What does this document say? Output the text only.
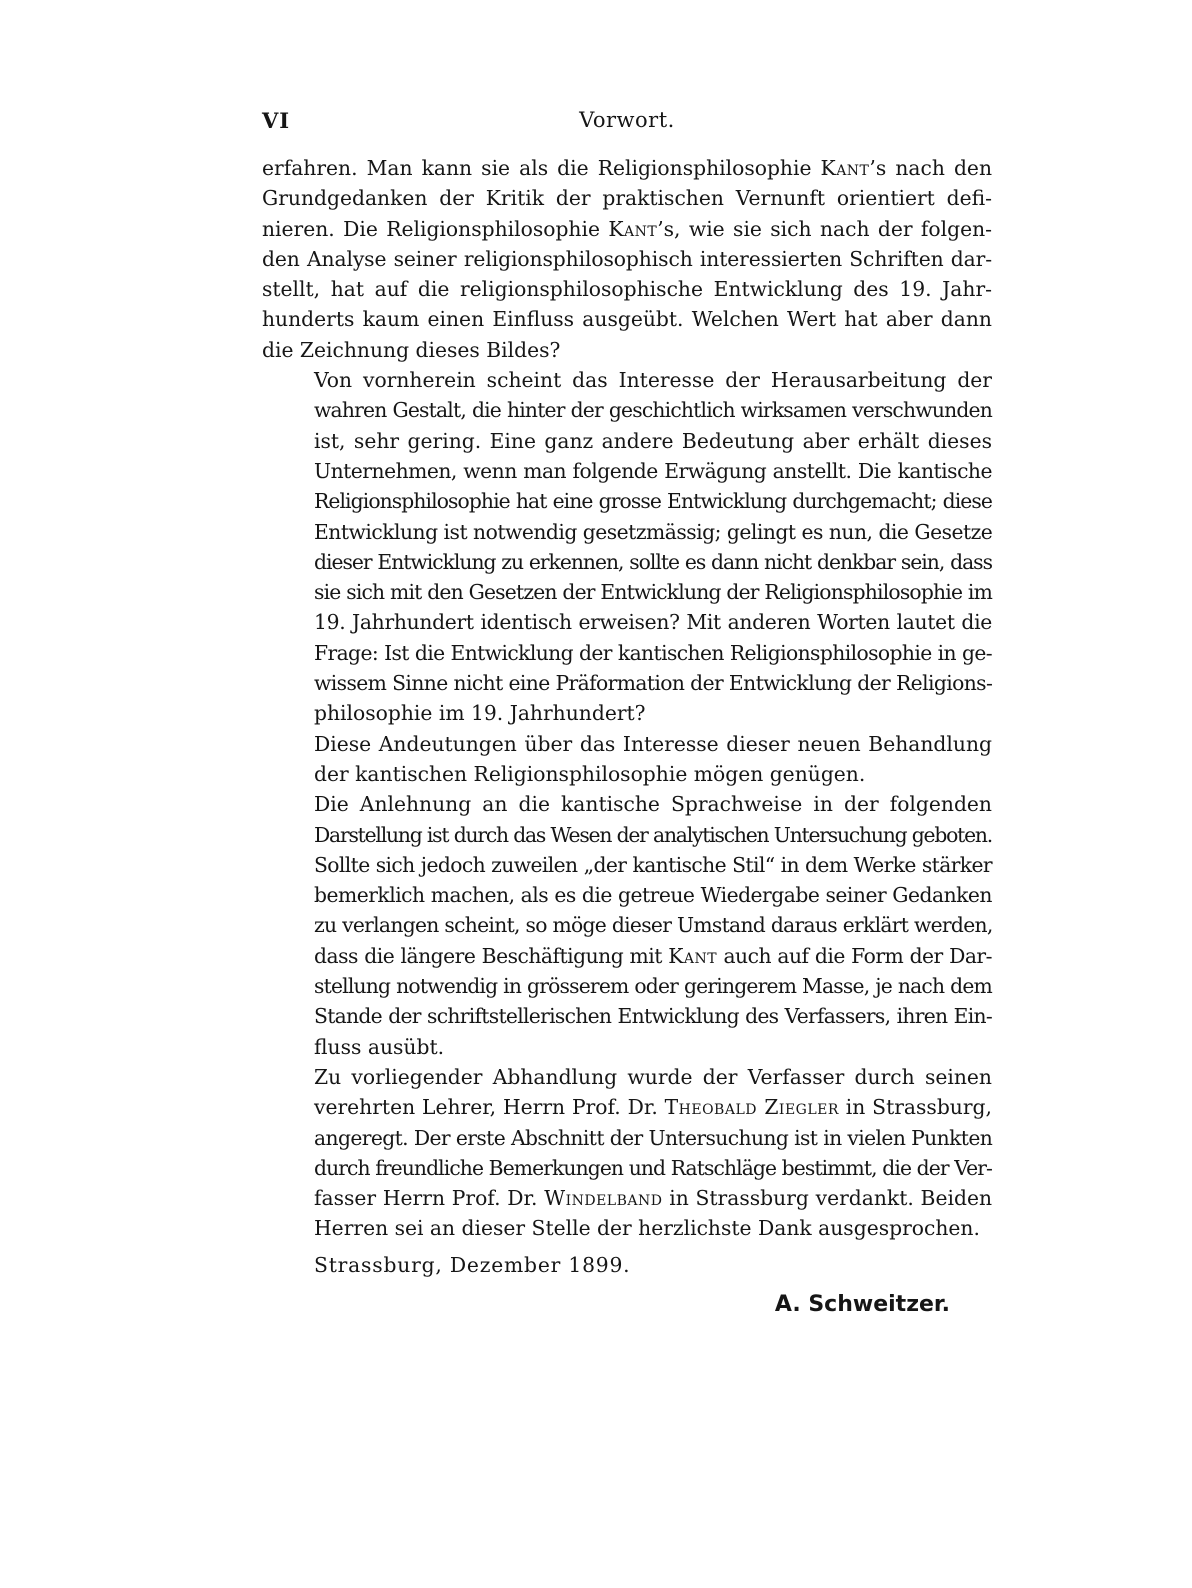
VI	Vorwort.
erfahren. Man kann sie als die Religionsphilosophie Kant’s nach den
Grundgedanken der Kritik der praktischen Vernunft orientiert defi-
nieren. Die Religionsphilosophie Kant’s, wie sie sich nach der folgen-
den Analyse seiner religionsphilosophisch interessierten Schriften dar-
stellt, hat auf die religionsphilosophische Entwicklung des 19. Jahr-
hunderts kaum einen Einfluss ausgeübt. Welchen Wert hat aber dann
die Zeichnung dieses Bildes?
Von vornherein scheint das Interesse der Herausarbeitung der
wahren Gestalt, die hinter der geschichtlich wirksamen verschwunden
ist, sehr gering. Eine ganz andere Bedeutung aber erhält dieses
Unternehmen, wenn man folgende Erwägung anstellt. Die kantische
Religionsphilosophie hat eine grosse Entwicklung durchgemacht; diese
Entwicklung ist notwendig gesetzmässig; gelingt es nun, die Gesetze
dieser Entwicklung zu erkennen, sollte es dann nicht denkbar sein, dass
sie sich mit den Gesetzen der Entwicklung der Religionsphilosophie im
19. Jahrhundert identisch erweisen? Mit anderen Worten lautet die
Frage: Ist die Entwicklung der kantischen Religionsphilosophie in ge-
wissem Sinne nicht eine Präformation der Entwicklung der Religions-
philosophie im 19. Jahrhundert?
Diese Andeutungen über das Interesse dieser neuen Behandlung
der kantischen Religionsphilosophie mögen genügen.
Die Anlehnung an die kantische Sprachweise in der folgenden
Darstellung ist durch das Wesen der analytischen Untersuchung geboten.
Sollte sich jedoch zuweilen „der kantische Stil“ in dem Werke stärker
bemerklich machen, als es die getreue Wiedergabe seiner Gedanken
zu verlangen scheint, so möge dieser Umstand daraus erklärt werden,
dass die längere Beschäftigung mit Kant auch auf die Form der Dar-
stellung notwendig in grösserem oder geringerem Masse, je nach dem
Stande der schriftstellerischen Entwicklung des Verfassers, ihren Ein-
fluss ausübt.
Zu vorliegender Abhandlung wurde der Verfasser durch seinen
verehrten Lehrer, Herrn Prof. Dr. Theobald Ziegler in Strassburg,
angeregt. Der erste Abschnitt der Untersuchung ist in vielen Punkten
durch freundliche Bemerkungen und Ratschläge bestimmt, die der Ver-
fasser Herrn Prof. Dr. Windelband in Strassburg verdankt. Beiden
Herren sei an dieser Stelle der herzlichste Dank ausgesprochen.
Strassburg, Dezember 1899.
A. Schweitzer.
